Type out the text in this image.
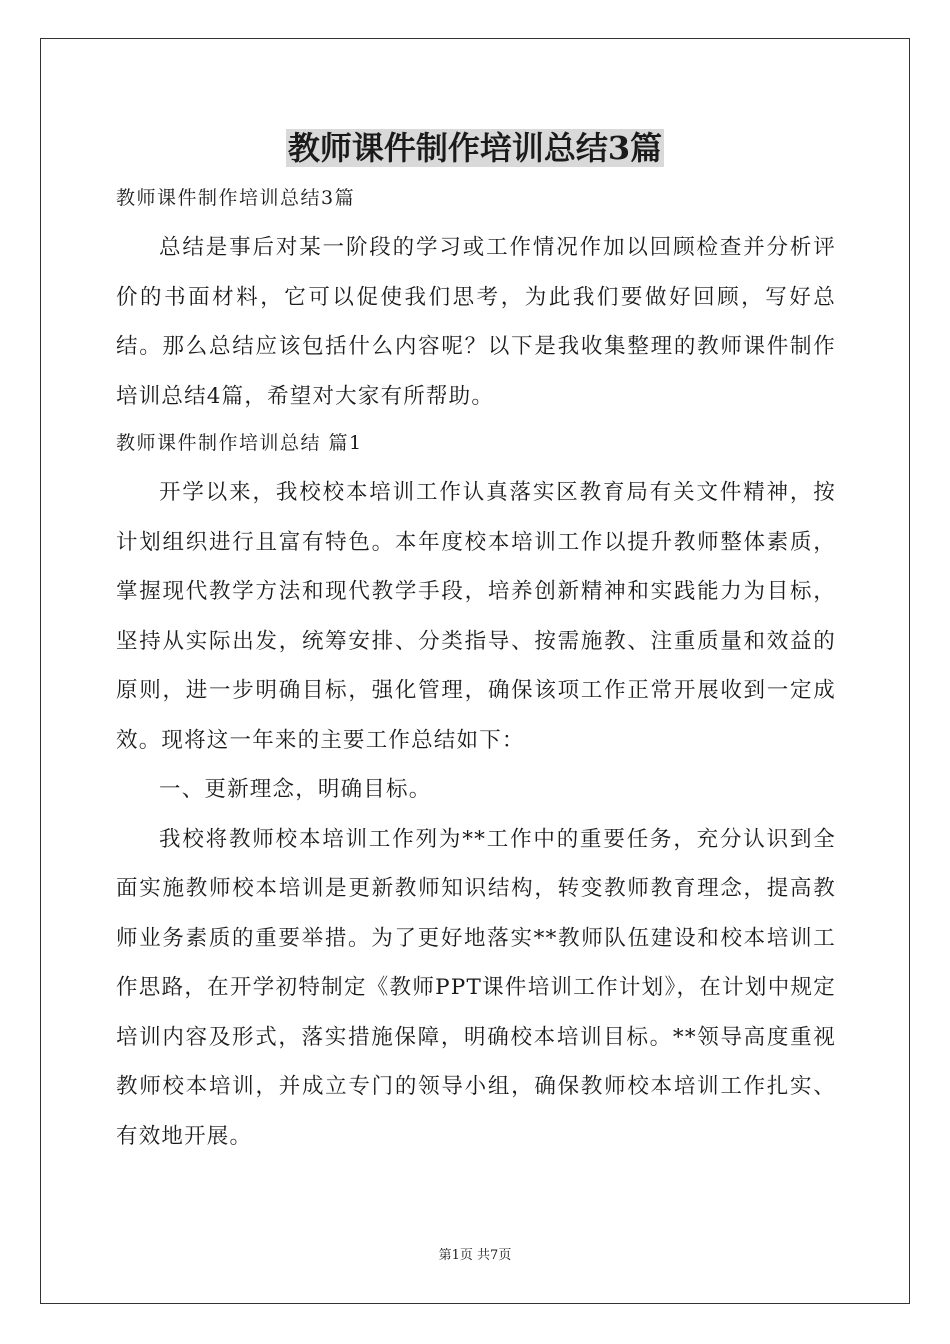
教师课件制作培训总结3篇

教师课件制作培训总结3篇

总结是事后对某一阶段的学习或工作情况作加以回顾检查并分析评价的书面材料，它可以促使我们思考，为此我们要做好回顾，写好总结。那么总结应该包括什么内容呢？以下是我收集整理的教师课件制作培训总结4篇，希望对大家有所帮助。

教师课件制作培训总结 篇1

开学以来，我校校本培训工作认真落实区教育局有关文件精神，按计划组织进行且富有特色。本年度校本培训工作以提升教师整体素质，掌握现代教学方法和现代教学手段，培养创新精神和实践能力为目标，坚持从实际出发，统筹安排、分类指导、按需施教、注重质量和效益的原则，进一步明确目标，强化管理，确保该项工作正常开展收到一定成效。现将这一年来的主要工作总结如下：

一、更新理念，明确目标。

我校将教师校本培训工作列为**工作中的重要任务，充分认识到全面实施教师校本培训是更新教师知识结构，转变教师教育理念，提高教师业务素质的重要举措。为了更好地落实**教师队伍建设和校本培训工作思路，在开学初特制定《教师PPT课件培训工作计划》，在计划中规定培训内容及形式，落实措施保障，明确校本培训目标。**领导高度重视教师校本培训，并成立专门的领导小组，确保教师校本培训工作扎实、有效地开展。

第1页 共7页
